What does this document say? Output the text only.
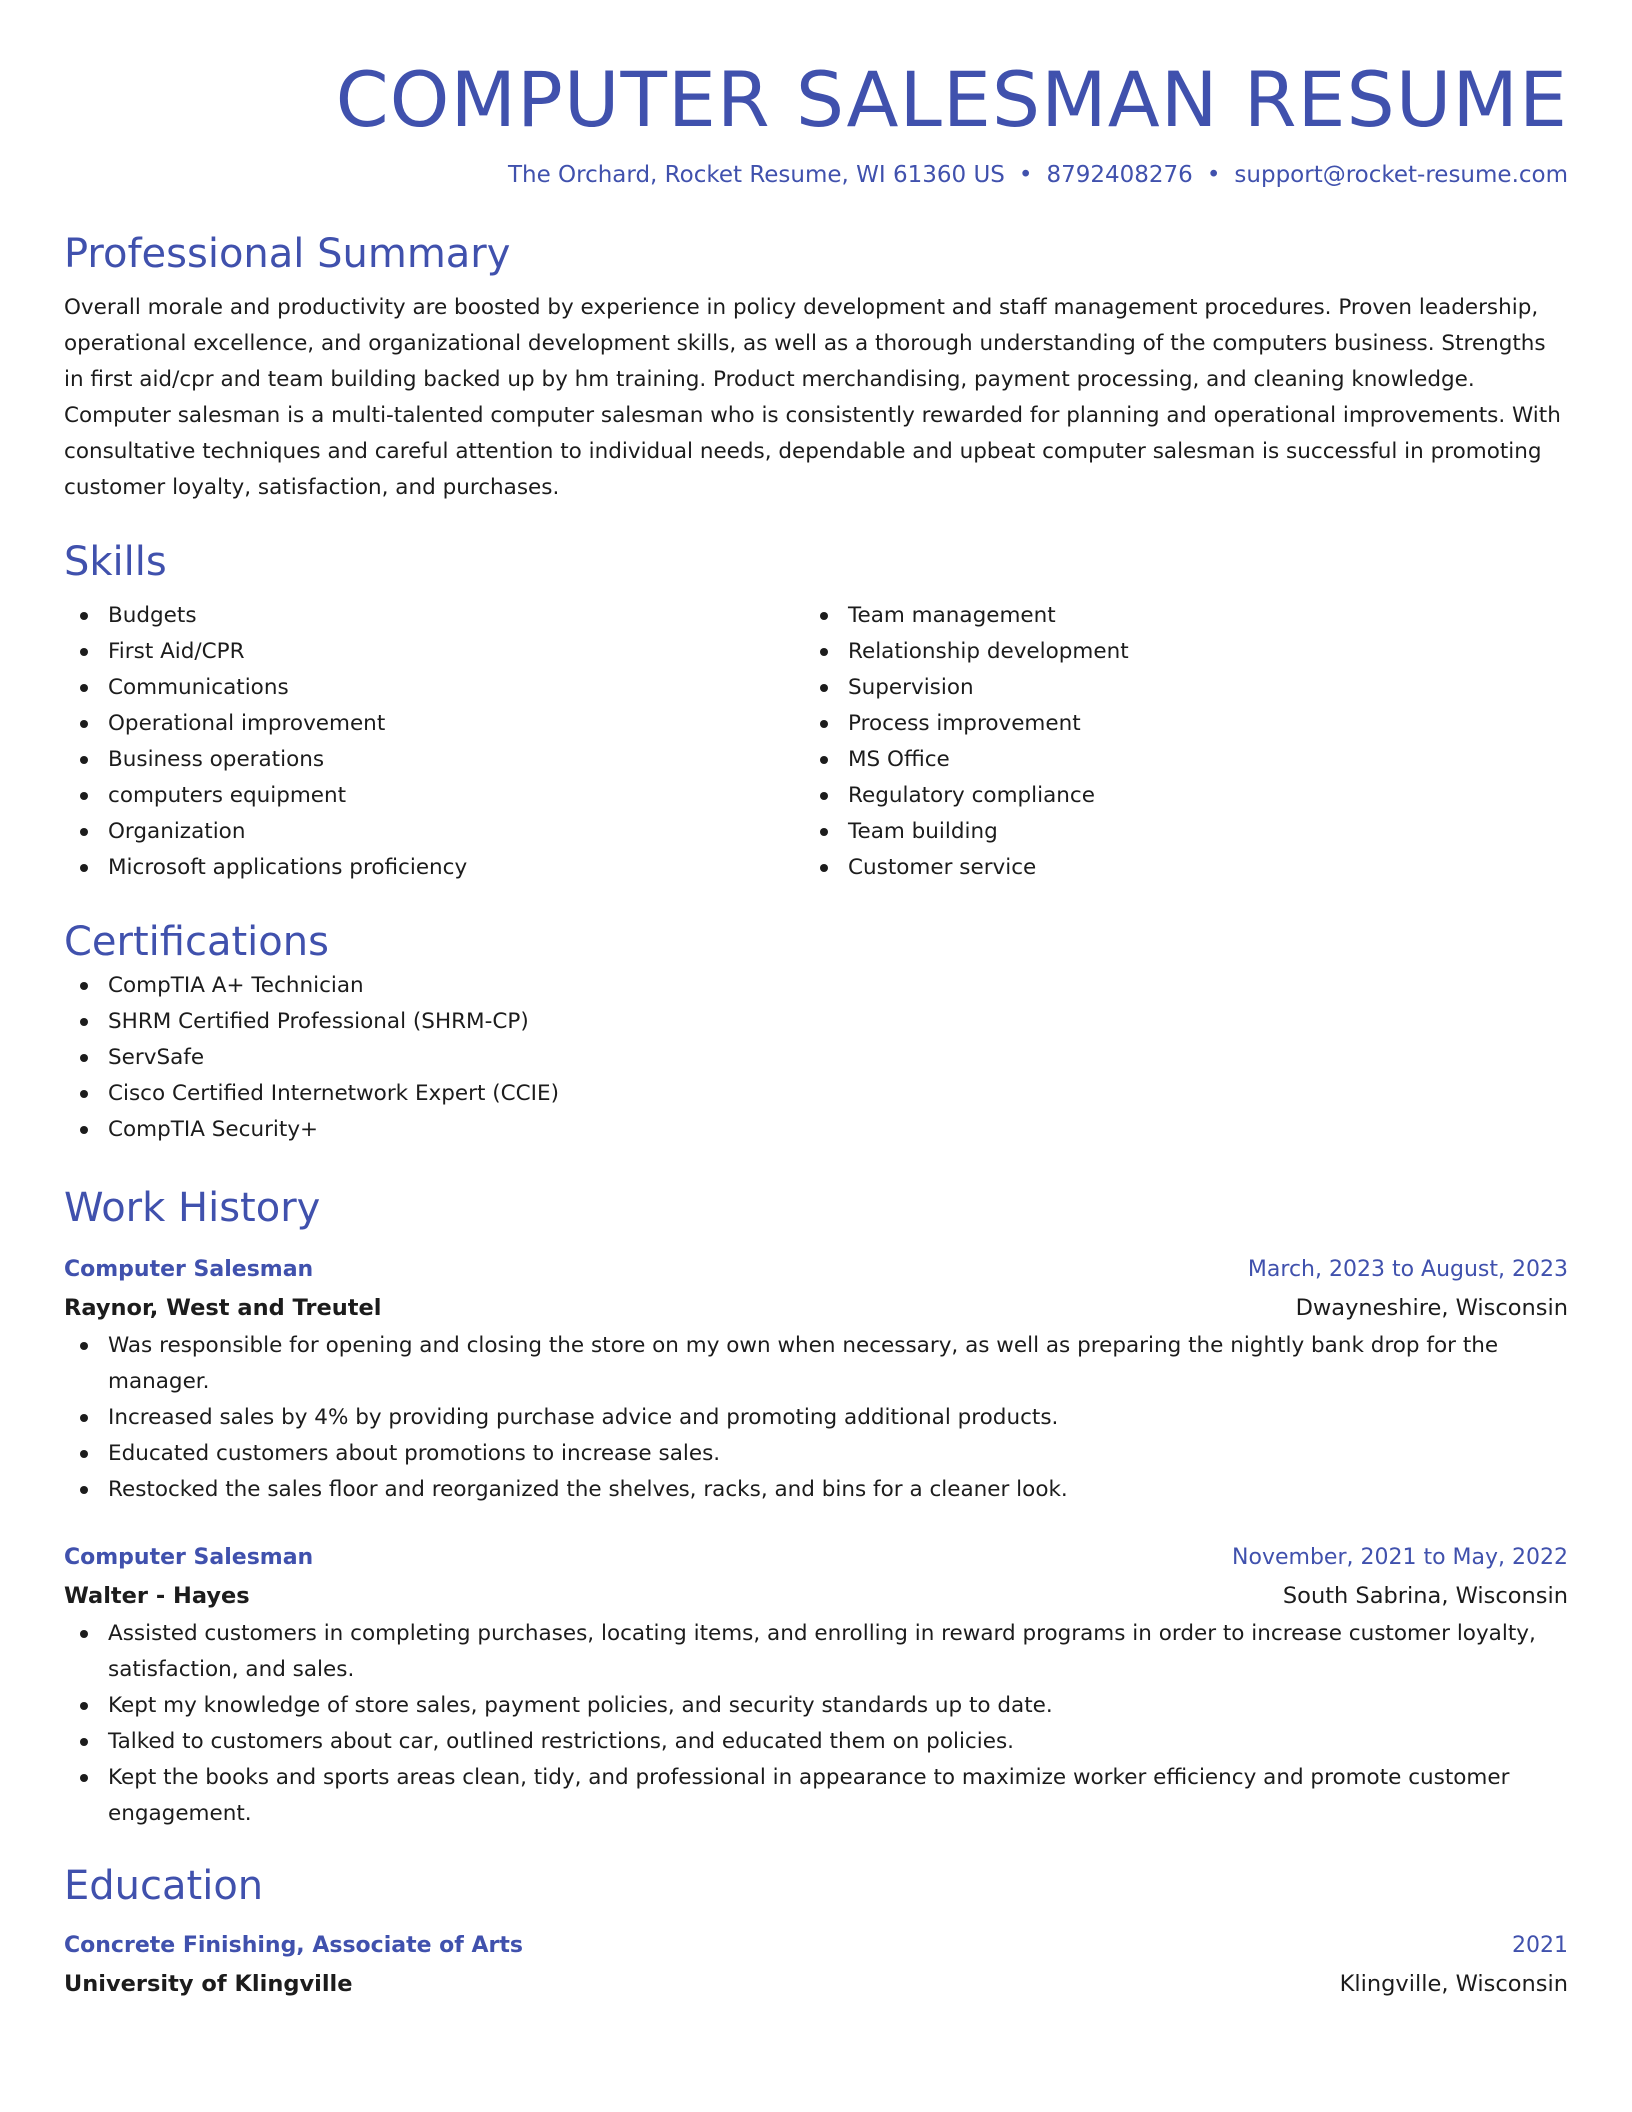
COMPUTER SALESMAN RESUME
The Orchard, Rocket Resume, WI 61360 US • 8792408276 • support@rocket-resume.com
Professional Summary
Overall morale and productivity are boosted by experience in policy development and staff management procedures. Proven leadership, operational excellence, and organizational development skills, as well as a thorough understanding of the computers business. Strengths in first aid/cpr and team building backed up by hm training. Product merchandising, payment processing, and cleaning knowledge. Computer salesman is a multi-talented computer salesman who is consistently rewarded for planning and operational improvements. With consultative techniques and careful attention to individual needs, dependable and upbeat computer salesman is successful in promoting customer loyalty, satisfaction, and purchases.
Skills
Budgets
First Aid/CPR
Communications
Operational improvement
Business operations
computers equipment
Organization
Microsoft applications proficiency
Team management
Relationship development
Supervision
Process improvement
MS Office
Regulatory compliance
Team building
Customer service
Certifications
CompTIA A+ Technician
SHRM Certified Professional (SHRM-CP)
ServSafe
Cisco Certified Internetwork Expert (CCIE)
CompTIA Security+
Work History
Computer Salesman	March, 2023 to August, 2023
Raynor, West and Treutel	Dwayneshire, Wisconsin
Was responsible for opening and closing the store on my own when necessary, as well as preparing the nightly bank drop for the manager.
Increased sales by 4% by providing purchase advice and promoting additional products.
Educated customers about promotions to increase sales.
Restocked the sales floor and reorganized the shelves, racks, and bins for a cleaner look.
Computer Salesman	November, 2021 to May, 2022
Walter - Hayes	South Sabrina, Wisconsin
Assisted customers in completing purchases, locating items, and enrolling in reward programs in order to increase customer loyalty, satisfaction, and sales.
Kept my knowledge of store sales, payment policies, and security standards up to date.
Talked to customers about car, outlined restrictions, and educated them on policies.
Kept the books and sports areas clean, tidy, and professional in appearance to maximize worker efficiency and promote customer engagement.
Education
Concrete Finishing, Associate of Arts	2021
University of Klingville	Klingville, Wisconsin
